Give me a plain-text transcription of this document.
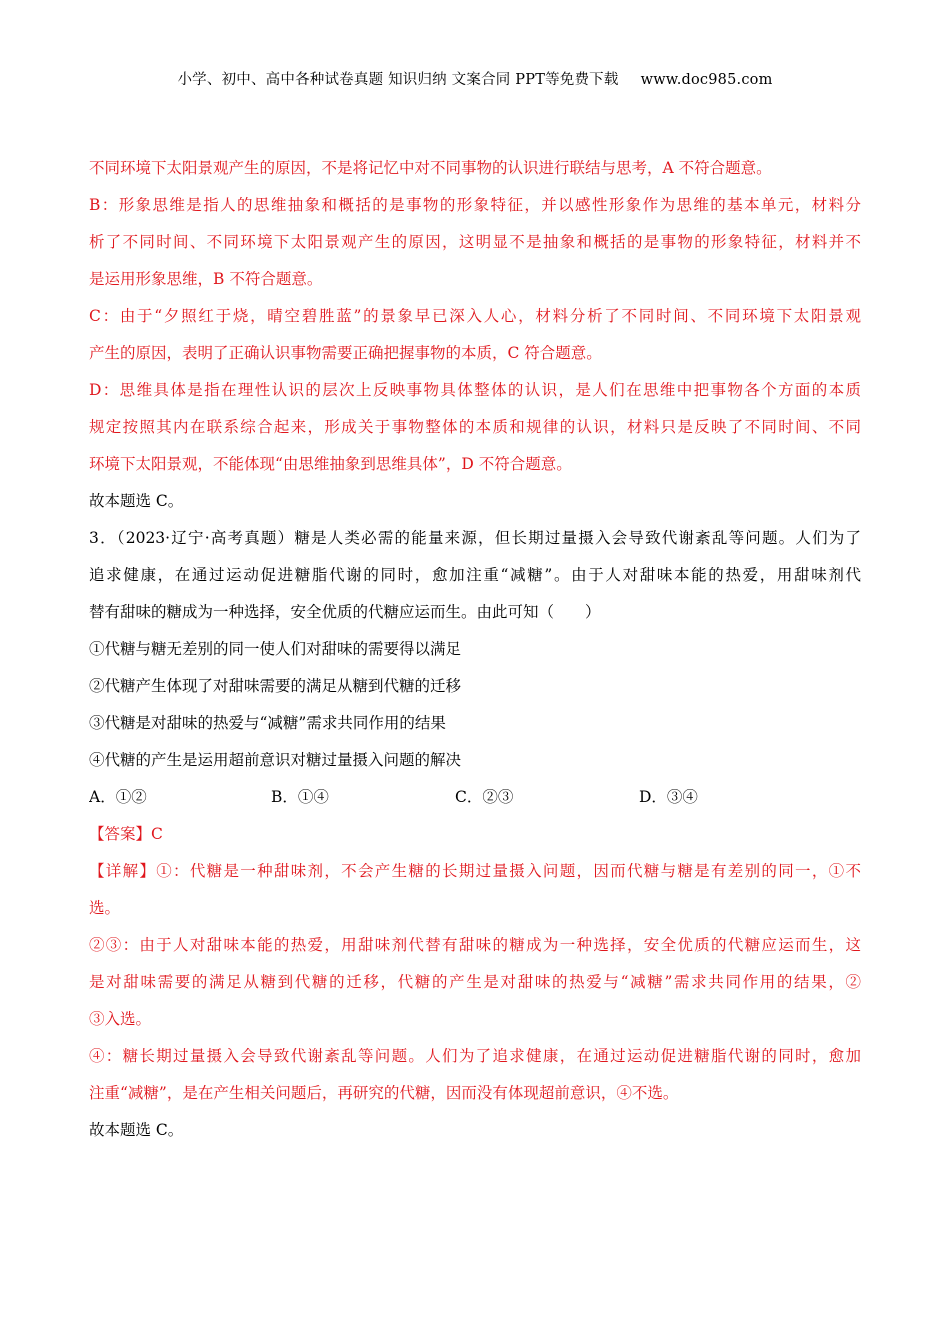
小学、初中、高中各种试卷真题 知识归纳 文案合同 PPT等免费下载 www.doc985.com
不同环境下太阳景观产生的原因，不是将记忆中对不同事物的认识进行联结与思考，A 不符合题意。
B：形象思维是指人的思维抽象和概括的是事物的形象特征，并以感性形象作为思维的基本单元，材料分
析了不同时间、不同环境下太阳景观产生的原因，这明显不是抽象和概括的是事物的形象特征，材料并不
是运用形象思维，B 不符合题意。
C：由于“夕照红于烧，晴空碧胜蓝”的景象早已深入人心，材料分析了不同时间、不同环境下太阳景观
产生的原因，表明了正确认识事物需要正确把握事物的本质，C 符合题意。
D：思维具体是指在理性认识的层次上反映事物具体整体的认识，是人们在思维中把事物各个方面的本质
规定按照其内在联系综合起来，形成关于事物整体的本质和规律的认识，材料只是反映了不同时间、不同
环境下太阳景观，不能体现“由思维抽象到思维具体”，D 不符合题意。
故本题选 C。
3．（2023·辽宁·高考真题）糖是人类必需的能量来源，但长期过量摄入会导致代谢紊乱等问题。人们为了
追求健康，在通过运动促进糖脂代谢的同时，愈加注重“减糖”。由于人对甜味本能的热爱，用甜味剂代
替有甜味的糖成为一种选择，安全优质的代糖应运而生。由此可知（　　）
①代糖与糖无差别的同一使人们对甜味的需要得以满足
②代糖产生体现了对甜味需要的满足从糖到代糖的迁移
③代糖是对甜味的热爱与“减糖”需求共同作用的结果
④代糖的产生是运用超前意识对糖过量摄入问题的解决
A．①②	B．①④	C．②③	D．③④
【答案】C
【详解】①：代糖是一种甜味剂，不会产生糖的长期过量摄入问题，因而代糖与糖是有差别的同一，①不
选。
②③：由于人对甜味本能的热爱，用甜味剂代替有甜味的糖成为一种选择，安全优质的代糖应运而生，这
是对甜味需要的满足从糖到代糖的迁移，代糖的产生是对甜味的热爱与“减糖”需求共同作用的结果，②
③入选。
④：糖长期过量摄入会导致代谢紊乱等问题。人们为了追求健康，在通过运动促进糖脂代谢的同时，愈加
注重“减糖”，是在产生相关问题后，再研究的代糖，因而没有体现超前意识，④不选。
故本题选 C。
